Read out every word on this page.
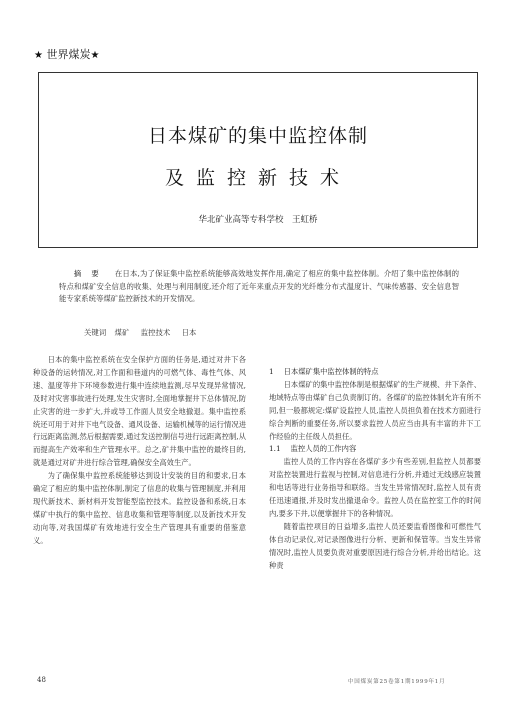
★ 世界煤炭★
日本煤矿的集中监控体制
及监控新技术
华北矿业高等专科学校　王虹桥

摘要 在日本,为了保证集中监控系统能够高效地发挥作用,确定了相应的集中监控体制。介绍了集中监控体制的特点和煤矿安全信息的收集、处理与利用制度,还介绍了近年来重点开发的光纤维分布式温度计、气味传感器、安全信息智能专家系统等煤矿监控新技术的开发情况。

关键词 煤矿 监控技术 日本

日本的集中监控系统在安全保护方面的任务是,通过对井下各种设备的运转情况,对工作面和巷道内的可燃气体、毒性气体、风速、温度等井下环境参数进行集中连续地监测,尽早发现异常情况,及时对灾害事故进行处理,发生灾害时,全面地掌握井下总体情况,防止灾害的进一步扩大,并或导工作面人员安全地撤退。集中监控系统还可用于对井下电气设备、通风设备、运输机械等的运行情况进行远距离监测,然后根据需要,通过发送控制信号进行远距离控制,从而提高生产效率和生产管理水平。总之,矿井集中监控的最终目的,就是通过对矿井进行综合管理,确保安全高效生产。

为了确保集中监控系统能够达到设计安装的目的和要求,日本确定了相应的集中监控体制,制定了信息的收集与管理制度,并利用现代新技术、新材料开发智能型监控技术。监控设备和系统,日本煤矿中执行的集中监控、信息收集和管理等制度,以及新技术开发动向等,对我国煤矿有效地进行安全生产管理具有重要的借鉴意义。

1 日本煤矿集中监控体制的特点

日本煤矿的集中监控体制是根据煤矿的生产规模、井下条件、地域特点等由煤矿自己负责制订的。各煤矿的监控体制允许有所不同,但一般都规定:煤矿设监控人员,监控人员担负着在技术方面进行综合判断的重要任务,所以要求监控人员应当由具有丰富的井下工作经验的主任级人员担任。

1.1 监控人员的工作内容

监控人员的工作内容在各煤矿多少有些差别,但监控人员都要对监控装置进行监视与控制,对信息进行分析,并通过无线感应装置和电话等进行业务指导和联络。当发生异常情况时,监控人员有责任迅速通报,并及时发出撤退命令。监控人员在监控室工作的时间内,要多下井,以便掌握井下的各种情况。

随着监控项目的日益增多,监控人员还要监看图像和可燃性气体自动记录仪,对记录图像进行分析、更新和保管等。当发生异常情况时,监控人员要负责对重要原因进行综合分析,并给出结论。这种责

48	中国煤炭第25卷第1期1999年1月
